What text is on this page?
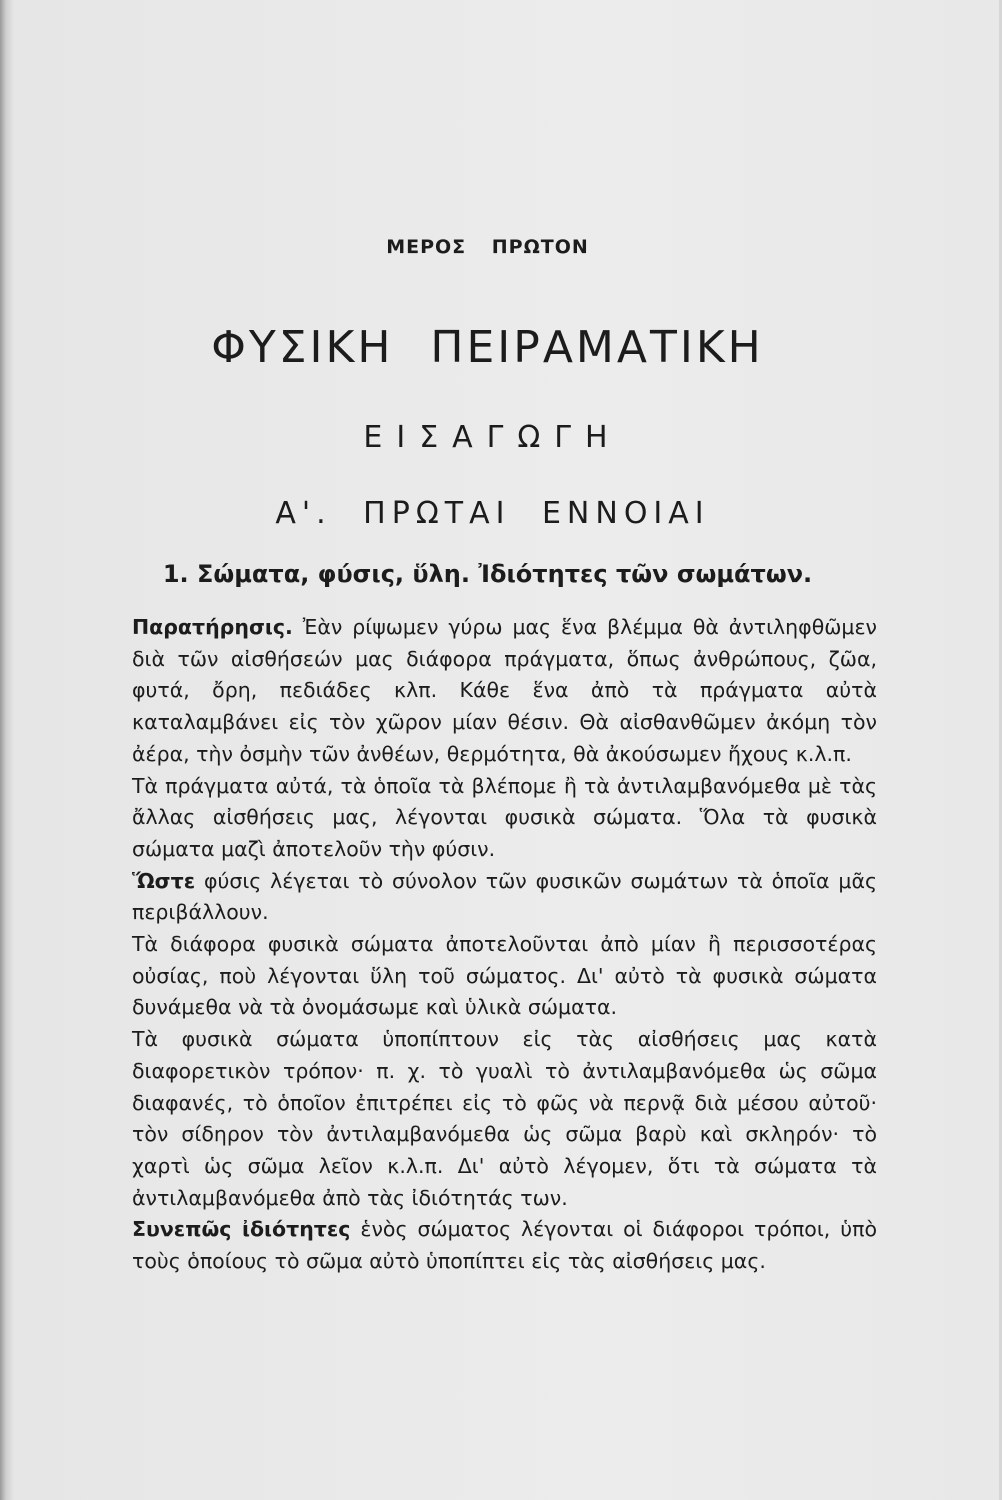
ΜΕΡΟΣ ΠΡΩΤΟΝ
ΦΥΣΙΚΗ ΠΕΙΡΑΜΑΤΙΚΗ
ΕΙΣΑΓΩΓΗ
Α'. ΠΡΩΤΑΙ ΕΝΝΟΙΑΙ
1. Σώματα, φύσις, ὕλη. Ἰδιότητες τῶν σωμάτων.

Παρατήρησις. Ἐὰν ρίψωμεν γύρω μας ἕνα βλέμμα θὰ ἀντιληφθῶμεν διὰ τῶν αἰσθήσεών μας διάφορα πράγματα, ὅπως ἀνθρώπους, ζῶα, φυτά, ὄρη, πεδιάδες κλπ. Κάθε ἕνα ἀπὸ τὰ πράγματα αὐτὰ καταλαμβάνει εἰς τὸν χῶρον μίαν θέσιν. Θὰ αἰσθανθῶμεν ἀκόμη τὸν ἀέρα, τὴν ὀσμὴν τῶν ἀνθέων, θερμότητα, θὰ ἀκούσωμεν ἤχους κ.λ.π.

Τὰ πράγματα αὐτά, τὰ ὁποῖα τὰ βλέπομε ἢ τὰ ἀντιλαμβανόμεθα μὲ τὰς ἄλλας αἰσθήσεις μας, λέγονται φυσικὰ σώματα. Ὅλα τὰ φυσικὰ σώματα μαζὶ ἀποτελοῦν τὴν φύσιν.

Ὥστε φύσις λέγεται τὸ σύνολον τῶν φυσικῶν σωμάτων τὰ ὁποῖα μᾶς περιβάλλουν.

Τὰ διάφορα φυσικὰ σώματα ἀποτελοῦνται ἀπὸ μίαν ἢ περισσοτέρας οὐσίας, ποὺ λέγονται ὕλη τοῦ σώματος. Δι' αὐτὸ τὰ φυσικὰ σώματα δυνάμεθα νὰ τὰ ὀνομάσωμε καὶ ὑλικὰ σώματα.

Τὰ φυσικὰ σώματα ὑποπίπτουν εἰς τὰς αἰσθήσεις μας κατὰ διαφορετικὸν τρόπον· π. χ. τὸ γυαλὶ τὸ ἀντιλαμβανόμεθα ὡς σῶμα διαφανές, τὸ ὁποῖον ἐπιτρέπει εἰς τὸ φῶς νὰ περνᾷ διὰ μέσου αὐτοῦ· τὸν σίδηρον τὸν ἀντιλαμβανόμεθα ὡς σῶμα βαρὺ καὶ σκληρόν· τὸ χαρτὶ ὡς σῶμα λεῖον κ.λ.π. Δι' αὐτὸ λέγομεν, ὅτι τὰ σώματα τὰ ἀντιλαμβανόμεθα ἀπὸ τὰς ἰδιότητάς των.

Συνεπῶς ἰδιότητες ἑνὸς σώματος λέγονται οἱ διάφοροι τρόποι, ὑπὸ τοὺς ὁποίους τὸ σῶμα αὐτὸ ὑποπίπτει εἰς τὰς αἰσθήσεις μας.
